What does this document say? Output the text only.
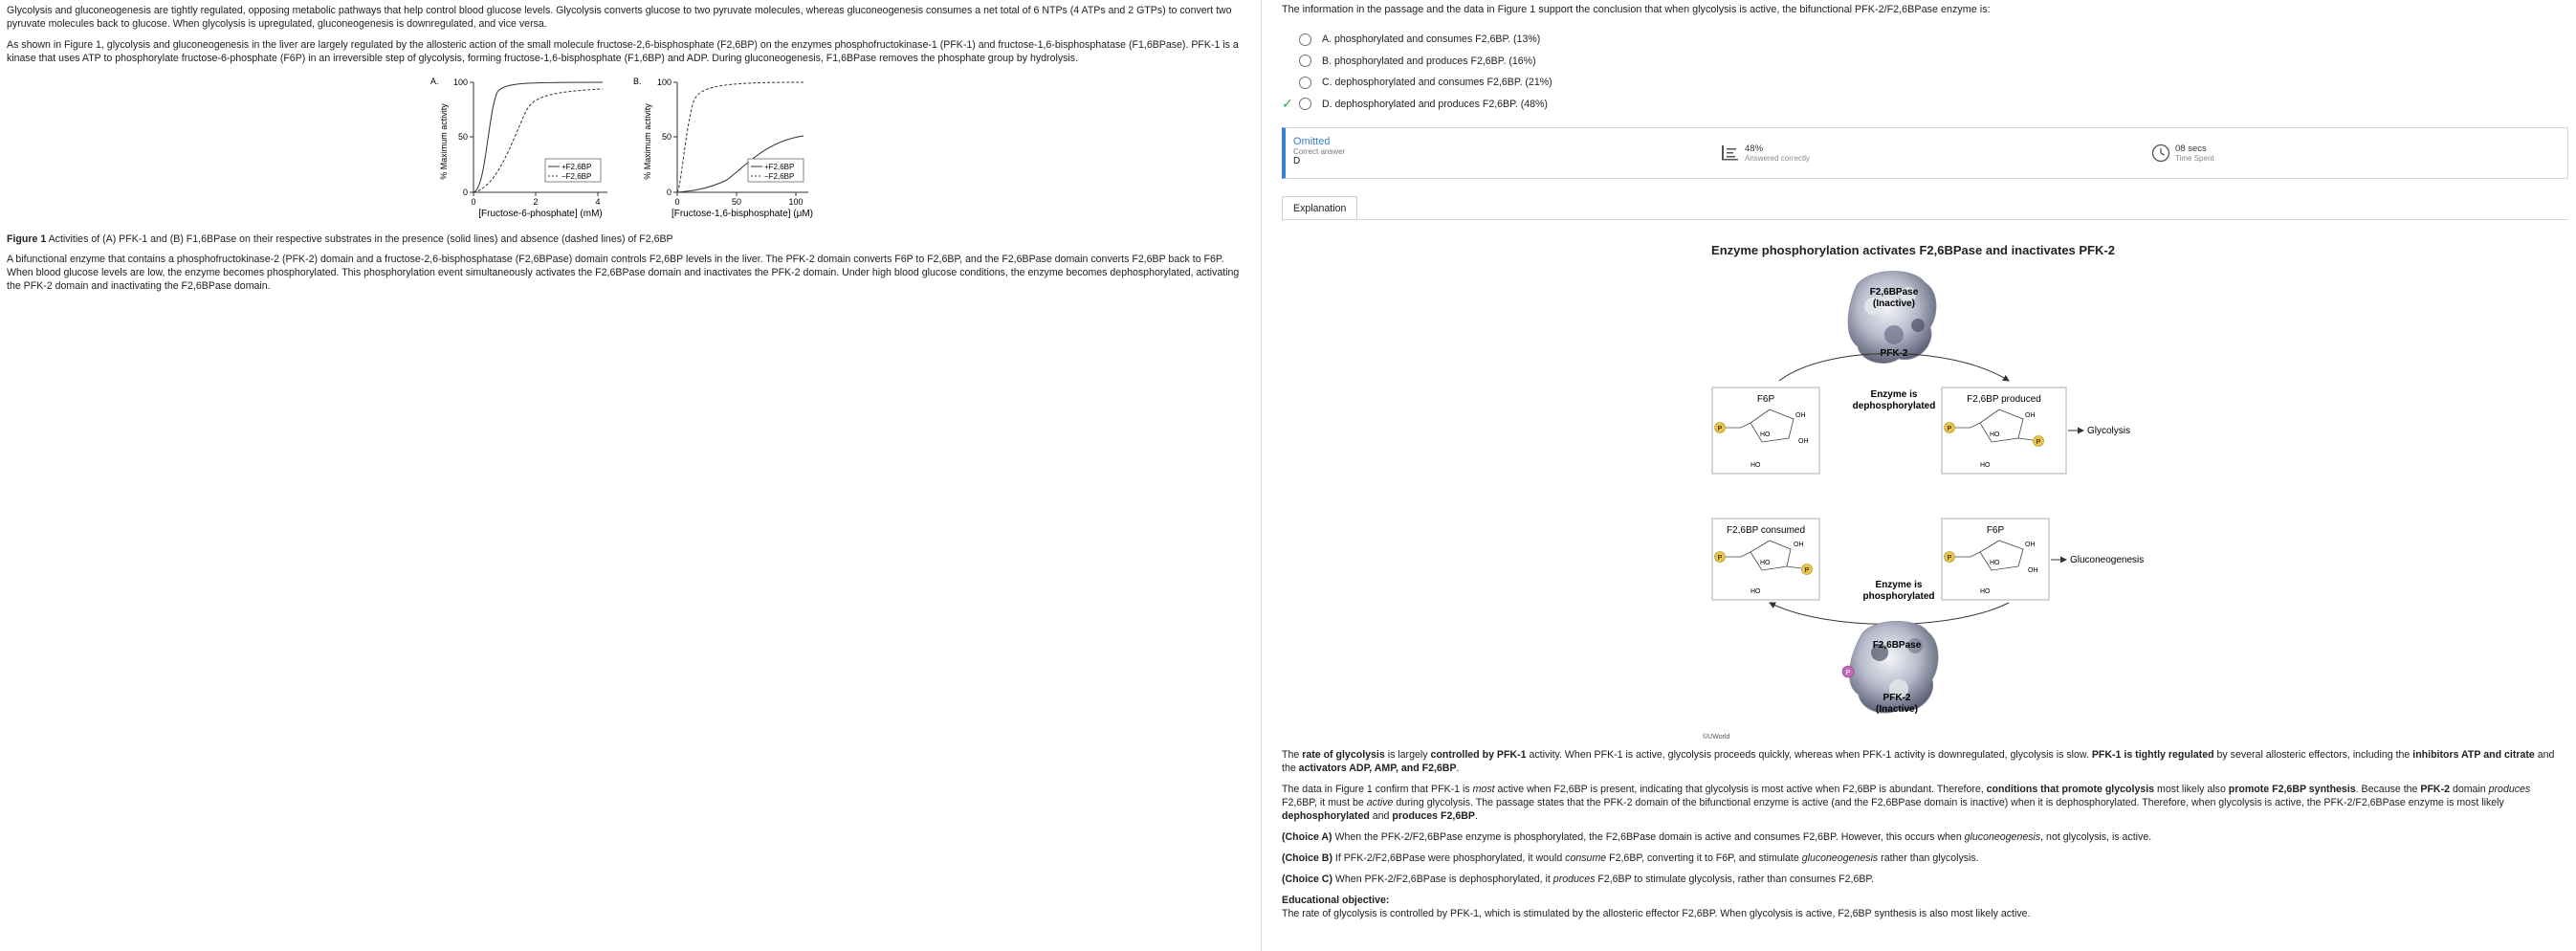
Glycolysis and gluconeogenesis are tightly regulated, opposing metabolic pathways that help control blood glucose levels. Glycolysis converts glucose to two pyruvate molecules, whereas gluconeogenesis consumes a net total of 6 NTPs (4 ATPs and 2 GTPs) to convert two pyruvate molecules back to glucose. When glycolysis is upregulated, gluconeogenesis is downregulated, and vice versa.

As shown in Figure 1, glycolysis and gluconeogenesis in the liver are largely regulated by the allosteric action of the small molecule fructose-2,6-bisphosphate (F2,6BP) on the enzymes phosphofructokinase-1 (PFK-1) and fructose-1,6-bisphosphatase (F1,6BPase). PFK-1 is a kinase that uses ATP to phosphorylate fructose-6-phosphate (F6P) in an irreversible step of glycolysis, forming fructose-1,6-bisphosphate (F1,6BP) and ADP. During gluconeogenesis, F1,6BPase removes the phosphate group by hydrolysis.

A.
% Maximum activity
100
50
0
0	2	4
[Fructose-6-phosphate] (mM)
+F2,6BP
−F2,6BP
B.
% Maximum activity
100
50
0
0	50	100
[Fructose-1,6-bisphosphate] (μM)
+F2,6BP
−F2,6BP
Figure 1 Activities of (A) PFK-1 and (B) F1,6BPase on their respective substrates in the presence (solid lines) and absence (dashed lines) of F2,6BP

A bifunctional enzyme that contains a phosphofructokinase-2 (PFK-2) domain and a fructose-2,6-bisphosphatase (F2,6BPase) domain controls F2,6BP levels in the liver. The PFK-2 domain converts F6P to F2,6BP, and the F2,6BPase domain converts F2,6BP back to F6P. When blood glucose levels are low, the enzyme becomes phosphorylated. This phosphorylation event simultaneously activates the F2,6BPase domain and inactivates the PFK-2 domain. Under high blood glucose conditions, the enzyme becomes dephosphorylated, activating the PFK-2 domain and inactivating the F2,6BPase domain.

The information in the passage and the data in Figure 1 support the conclusion that when glycolysis is active, the bifunctional PFK-2/F2,6BPase enzyme is:
A. phosphorylated and consumes F2,6BP. (13%)
B. phosphorylated and produces F2,6BP. (16%)
C. dephosphorylated and consumes F2,6BP. (21%)
✓	D. dephosphorylated and produces F2,6BP. (48%)
Omitted
Correct answer
D
48%
Answered correctly
08 secs
Time Spent
Explanation
Enzyme phosphorylation activates F2,6BPase and inactivates PFK-2
F2,6BPase
(Inactive)
PFK-2
Enzyme is
dephosphorylated
F6P
P
OH
OH
HO
HO
F2,6BP produced
P
P
OH
HO
HO
Glycolysis
F2,6BP consumed
P
P
OH
HO
HO
F6P
P
OH
OH
HO
HO
Gluconeogenesis
Enzyme is
phosphorylated
P
F2,6BPase
PFK-2
(Inactive)
©UWorld

The rate of glycolysis is largely controlled by PFK-1 activity. When PFK-1 is active, glycolysis proceeds quickly, whereas when PFK-1 activity is downregulated, glycolysis is slow. PFK-1 is tightly regulated by several allosteric effectors, including the inhibitors ATP and citrate and the activators ADP, AMP, and F2,6BP.

The data in Figure 1 confirm that PFK-1 is most active when F2,6BP is present, indicating that glycolysis is most active when F2,6BP is abundant. Therefore, conditions that promote glycolysis most likely also promote F2,6BP synthesis. Because the PFK-2 domain produces F2,6BP, it must be active during glycolysis. The passage states that the PFK-2 domain of the bifunctional enzyme is active (and the F2,6BPase domain is inactive) when it is dephosphorylated. Therefore, when glycolysis is active, the PFK-2/F2,6BPase enzyme is most likely dephosphorylated and produces F2,6BP.

(Choice A) When the PFK-2/F2,6BPase enzyme is phosphorylated, the F2,6BPase domain is active and consumes F2,6BP. However, this occurs when gluconeogenesis, not glycolysis, is active.

(Choice B) If PFK-2/F2,6BPase were phosphorylated, it would consume F2,6BP, converting it to F6P, and stimulate gluconeogenesis rather than glycolysis.

(Choice C) When PFK-2/F2,6BPase is dephosphorylated, it produces F2,6BP to stimulate glycolysis, rather than consumes F2,6BP.

Educational objective:

The rate of glycolysis is controlled by PFK-1, which is stimulated by the allosteric effector F2,6BP. When glycolysis is active, F2,6BP synthesis is also most likely active.
